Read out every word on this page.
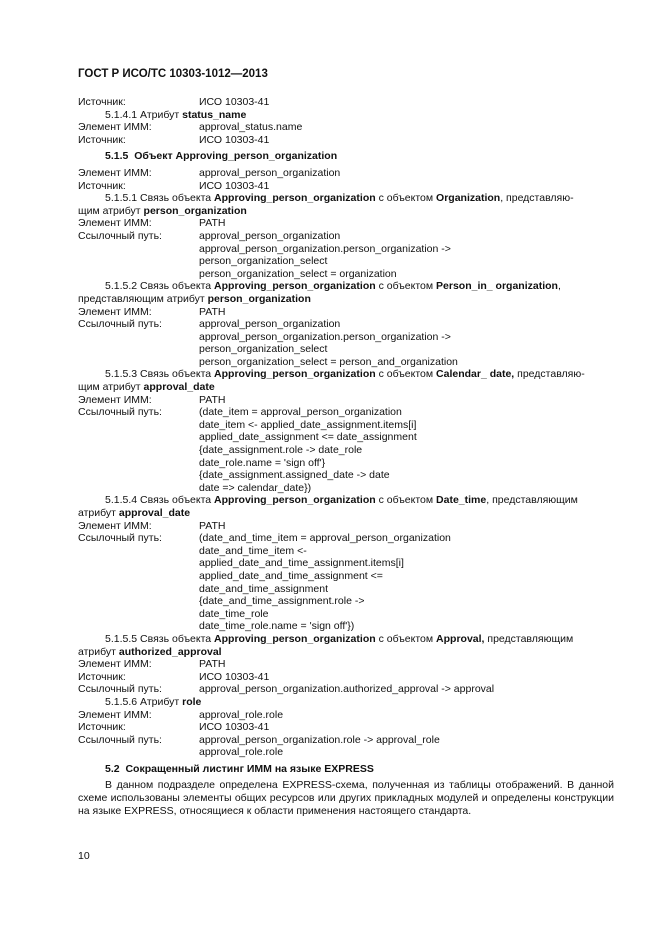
ГОСТ Р ИСО/ТС 10303-1012—2013
Источник:	ИСО 10303-41
5.1.4.1 Атрибут status_name
Элемент ИММ:	approval_status.name
Источник:	ИСО 10303-41
5.1.5 Объект Approving_person_organization
Элемент ИММ:	approval_person_organization
Источник:	ИСО 10303-41
5.1.5.1 Связь объекта Approving_person_organization с объектом Organization, представляю-
щим атрибут person_organization
Элемент ИММ:	PATH
Ссылочный путь:	approval_person_organization
approval_person_organization.person_organization ->
person_organization_select
person_organization_select = organization
5.1.5.2 Связь объекта Approving_person_organization с объектом Person_in_ organization,
представляющим атрибут person_organization
Элемент ИММ:	PATH
Ссылочный путь:	approval_person_organization
approval_person_organization.person_organization ->
person_organization_select
person_organization_select = person_and_organization
5.1.5.3 Связь объекта Approving_person_organization с объектом Calendar_ date, представляю-
щим атрибут approval_date
Элемент ИММ:	PATH
Ссылочный путь:	(date_item = approval_person_organization
date_item <- applied_date_assignment.items[i]
applied_date_assignment <= date_assignment
{date_assignment.role -> date_role
date_role.name = 'sign off'}
{date_assignment.assigned_date -> date
date => calendar_date})
5.1.5.4 Связь объекта Approving_person_organization с объектом Date_time, представляющим
атрибут approval_date
Элемент ИММ:	PATH
Ссылочный путь:	(date_and_time_item = approval_person_organization
date_and_time_item <-
applied_date_and_time_assignment.items[i]
applied_date_and_time_assignment <=
date_and_time_assignment
{date_and_time_assignment.role ->
date_time_role
date_time_role.name = 'sign off'})
5.1.5.5 Связь объекта Approving_person_organization с объектом Approval, представляющим
атрибут authorized_approval
Элемент ИММ:	PATH
Источник:	ИСО 10303-41
Ссылочный путь:	approval_person_organization.authorized_approval -> approval
5.1.5.6 Атрибут role
Элемент ИММ:	approval_role.role
Источник:	ИСО 10303-41
Ссылочный путь:	approval_person_organization.role -> approval_role
approval_role.role
5.2 Сокращенный листинг ИММ на языке EXPRESS
В данном подразделе определена EXPRESS-схема, полученная из таблицы отображений. В данной схеме использованы элементы общих ресурсов или других прикладных модулей и определены конструкции на языке EXPRESS, относящиеся к области применения настоящего стандарта.
10
